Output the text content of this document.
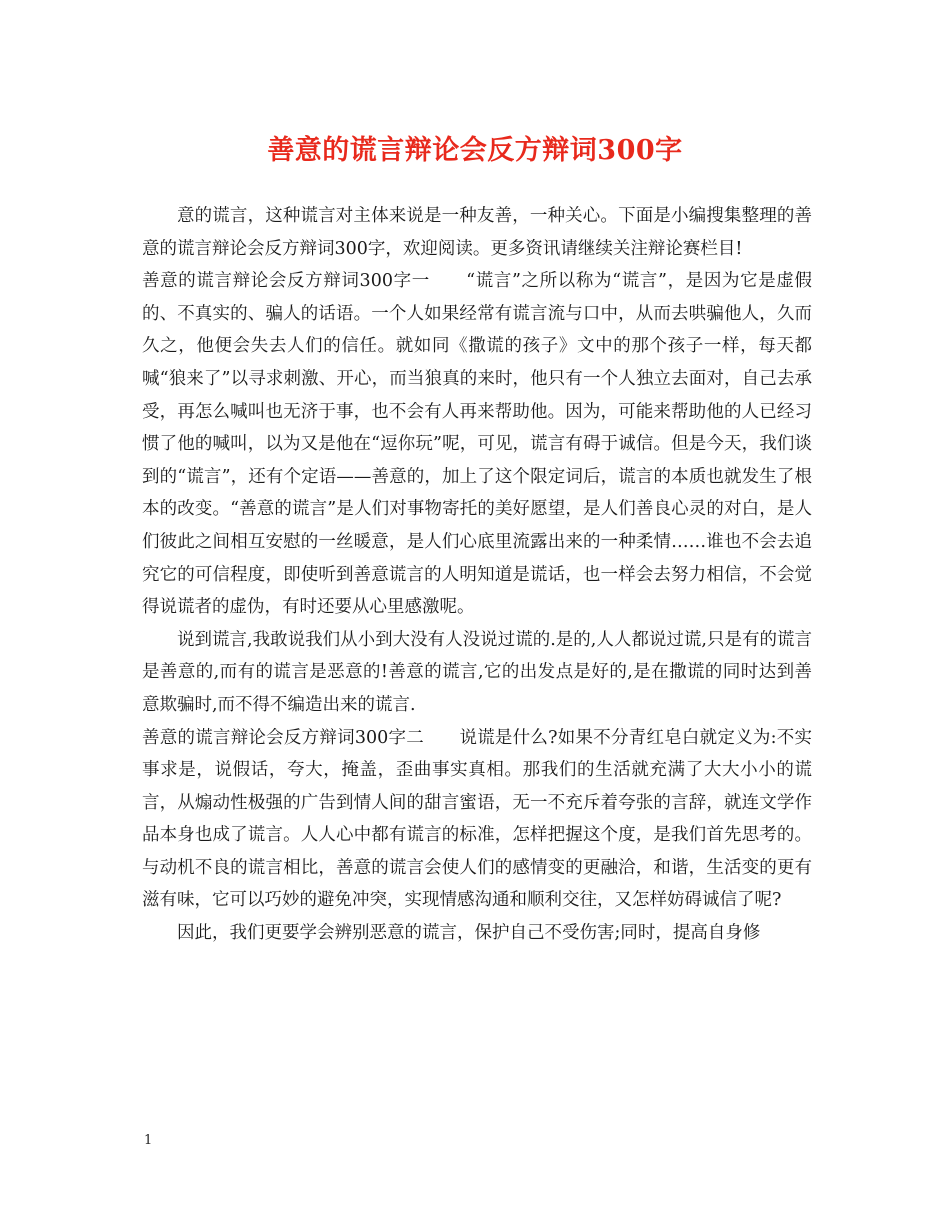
善意的谎言辩论会反方辩词300字

意的谎言，这种谎言对主体来说是一种友善，一种关心。下面是小编搜集整理的善意的谎言辩论会反方辩词300字，欢迎阅读。更多资讯请继续关注辩论赛栏目!

善意的谎言辩论会反方辩词300字一　　“谎言”之所以称为“谎言”，是因为它是虚假的、不真实的、骗人的话语。一个人如果经常有谎言流与口中，从而去哄骗他人，久而久之，他便会失去人们的信任。就如同《撒谎的孩子》文中的那个孩子一样，每天都喊“狼来了”以寻求刺激、开心，而当狼真的来时，他只有一个人独立去面对，自己去承受，再怎么喊叫也无济于事，也不会有人再来帮助他。因为，可能来帮助他的人已经习惯了他的喊叫，以为又是他在“逗你玩”呢，可见，谎言有碍于诚信。但是今天，我们谈到的“谎言”，还有个定语——善意的，加上了这个限定词后，谎言的本质也就发生了根本的改变。“善意的谎言”是人们对事物寄托的美好愿望，是人们善良心灵的对白，是人们彼此之间相互安慰的一丝暖意，是人们心底里流露出来的一种柔情……谁也不会去追究它的可信程度，即使听到善意谎言的人明知道是谎话，也一样会去努力相信，不会觉得说谎者的虚伪，有时还要从心里感激呢。

说到谎言,我敢说我们从小到大没有人没说过谎的.是的,人人都说过谎,只是有的谎言是善意的,而有的谎言是恶意的!善意的谎言,它的出发点是好的,是在撒谎的同时达到善意欺骗时,而不得不编造出来的谎言.

善意的谎言辩论会反方辩词300字二　　说谎是什么?如果不分青红皂白就定义为:不实事求是，说假话，夸大，掩盖，歪曲事实真相。那我们的生活就充满了大大小小的谎言，从煽动性极强的广告到情人间的甜言蜜语，无一不充斥着夸张的言辞，就连文学作品本身也成了谎言。人人心中都有谎言的标准，怎样把握这个度，是我们首先思考的。与动机不良的谎言相比，善意的谎言会使人们的感情变的更融洽，和谐，生活变的更有滋有味，它可以巧妙的避免冲突，实现情感沟通和顺利交往，又怎样妨碍诚信了呢?

因此，我们更要学会辨别恶意的谎言，保护自己不受伤害;同时，提高自身修

1
